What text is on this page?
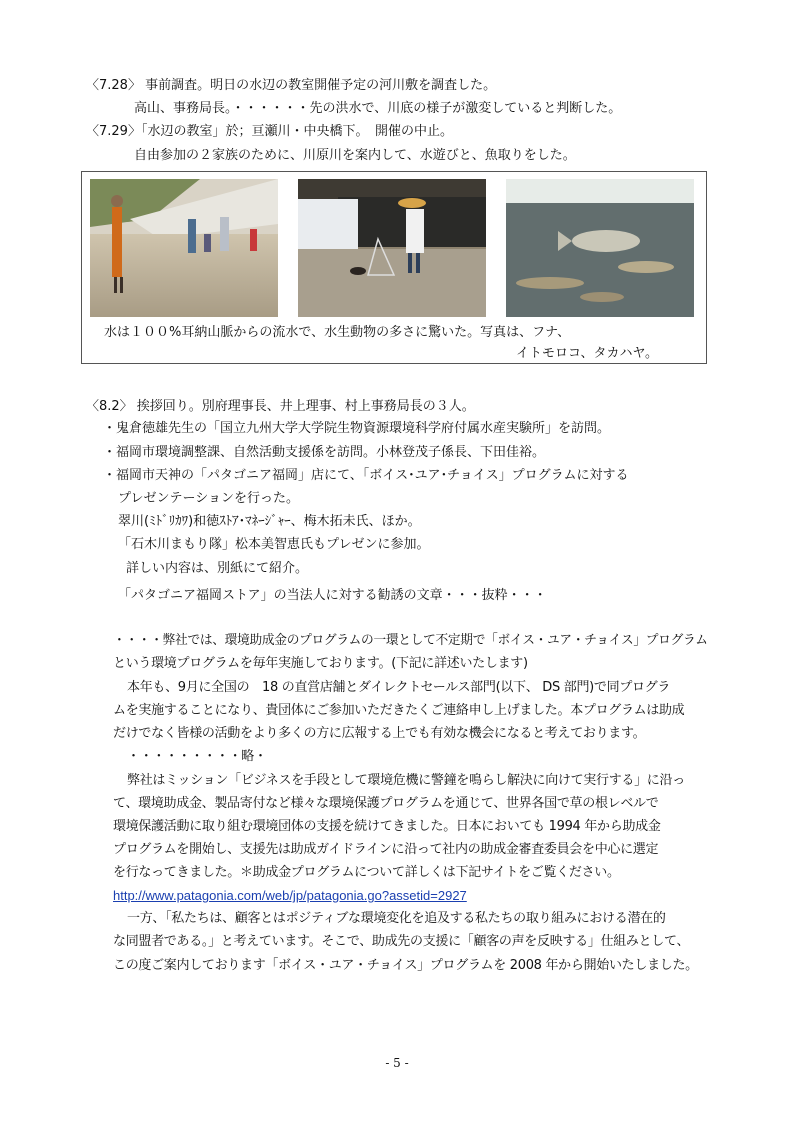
〈7.28〉 事前調査。明日の水辺の教室開催予定の河川敷を調査した。
高山、事務局長。・・・・・・先の洪水で、川底の様子が激変していると判断した。
〈7.29〉「水辺の教室」於；亘瀬川・中央橋下。　開催の中止。
自由参加の２家族のために、川原川を案内して、水遊びと、魚取りをした。
水は１００%耳納山脈からの流水で、水生動物の多さに驚いた。写真は、フナ、
イトモロコ、タカハヤ。
〈8.2〉 挨拶回り。別府理事長、井上理事、村上事務局長の３人。
・鬼倉徳雄先生の「国立九州大学大学院生物資源環境科学府付属水産実験所」を訪問。
・福岡市環境調整課、自然活動支援係を訪問。小林登茂子係長、下田佳裕。
・福岡市天神の「パタゴニア福岡」店にて、「ボイス･ユア･チョイス」プログラムに対する
プレゼンテーションを行った。
翠川(ﾐﾄﾞﾘｶﾜ)和徳ｽﾄｱ･ﾏﾈｰｼﾞｬｰ、梅木拓未氏、ほか。
「石木川まもり隊」松本美智恵氏もプレゼンに参加。
詳しい内容は、別紙にて紹介。
「パタゴニア福岡ストア」の当法人に対する勧誘の文章・・・抜粋・・・
・・・・弊社では、環境助成金のプログラムの一環として不定期で「ボイス・ユア・チョイス」プログラム
という環境プログラムを毎年実施しております。(下記に詳述いたします)
本年も、9月に全国の　18 の直営店舗とダイレクトセールス部門(以下、 DS 部門)で同プログラ
ムを実施することになり、貴団体にご参加いただきたくご連絡申し上げました。本プログラムは助成
だけでなく皆様の活動をより多くの方に広報する上でも有効な機会になると考えております。
・・・・・・・・・略・
弊社はミッション「ビジネスを手段として環境危機に警鐘を鳴らし解決に向けて実行する」に沿っ
て、環境助成金、製品寄付など様々な環境保護プログラムを通じて、世界各国で草の根レベルで
環境保護活動に取り組む環境団体の支援を続けてきました。日本においても 1994 年から助成金
プログラムを開始し、支援先は助成ガイドラインに沿って社内の助成金審査委員会を中心に選定
を行なってきました。＊助成金プログラムについて詳しくは下記サイトをご覧ください。
http://www.patagonia.com/web/jp/patagonia.go?assetid=2927
一方、「私たちは、顧客とはポジティブな環境変化を追及する私たちの取り組みにおける潜在的
な同盟者である。」と考えています。そこで、助成先の支援に「顧客の声を反映する」仕組みとして、
この度ご案内しております「ボイス・ユア・チョイス」プログラムを 2008 年から開始いたしました。
- 5 -
